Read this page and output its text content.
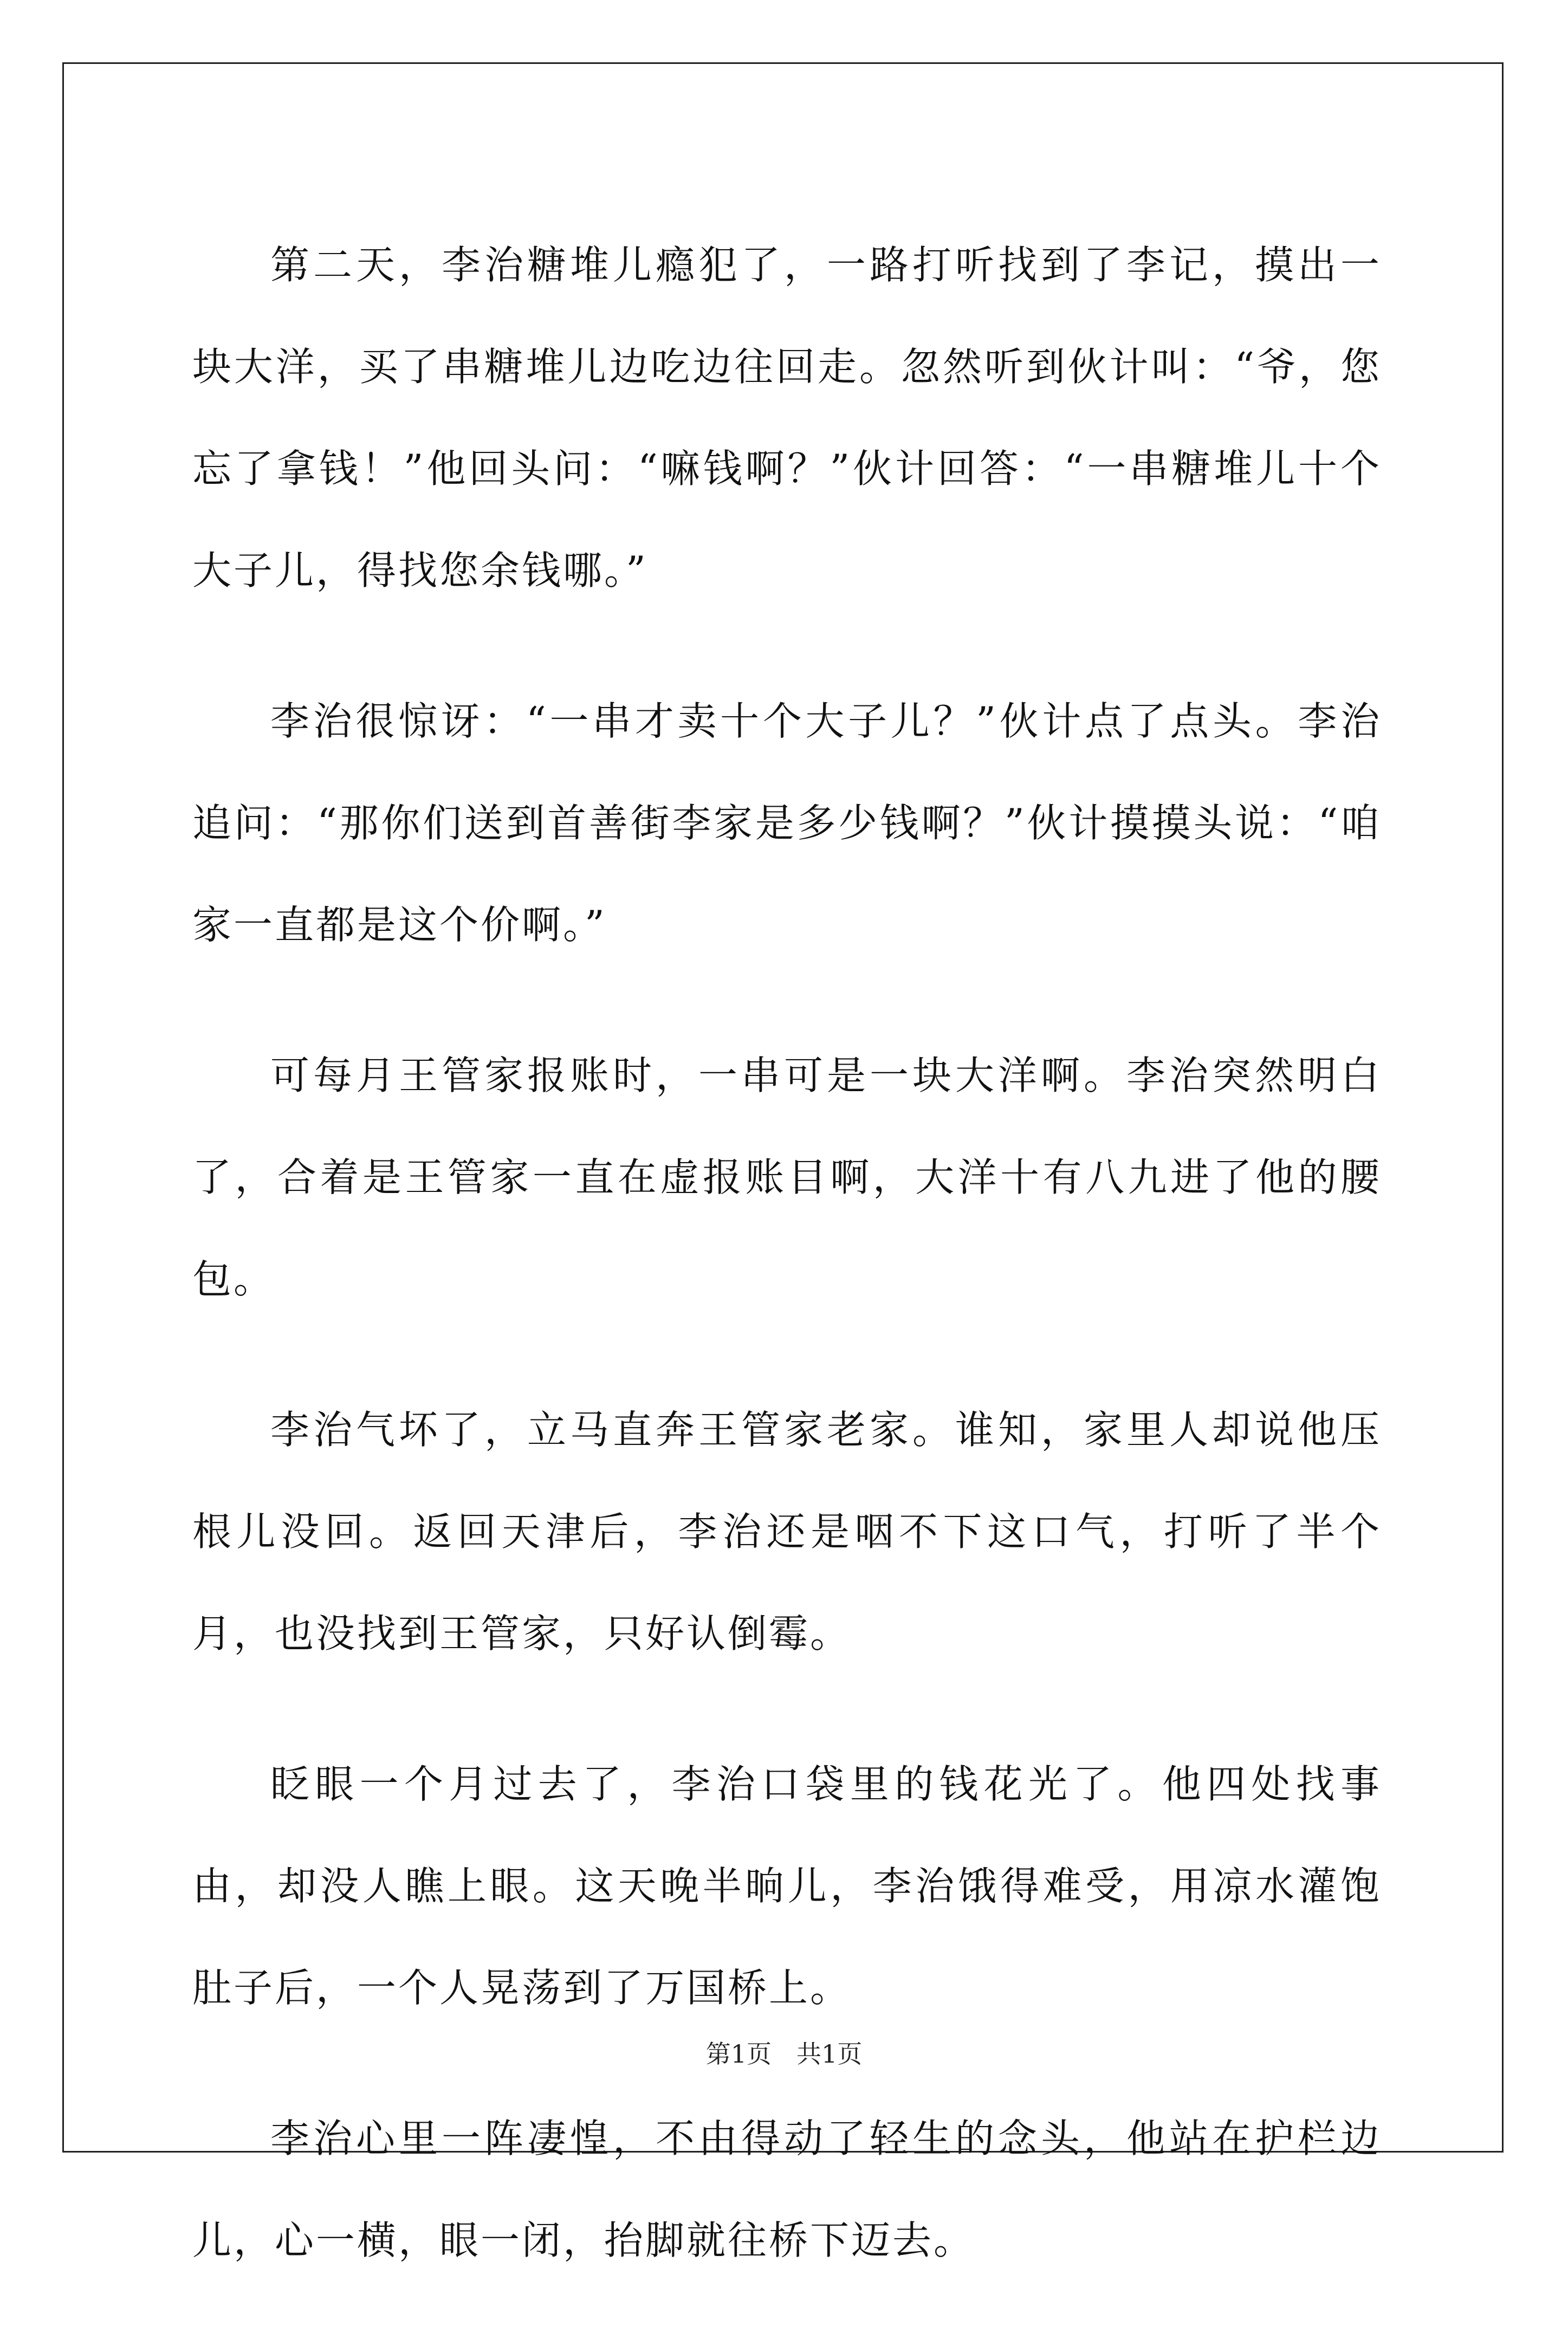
第二天，李治糖堆儿瘾犯了，一路打听找到了李记，摸出一块大洋，买了串糖堆儿边吃边往回走。忽然听到伙计叫：“爷，您忘了拿钱！”他回头问：“嘛钱啊？”伙计回答：“一串糖堆儿十个大子儿，得找您余钱哪。”

李治很惊讶：“一串才卖十个大子儿？”伙计点了点头。李治追问：“那你们送到首善街李家是多少钱啊？”伙计摸摸头说：“咱家一直都是这个价啊。”

可每月王管家报账时，一串可是一块大洋啊。李治突然明白了，合着是王管家一直在虚报账目啊，大洋十有八九进了他的腰包。

李治气坏了，立马直奔王管家老家。谁知，家里人却说他压根儿没回。返回天津后，李治还是咽不下这口气，打听了半个月，也没找到王管家，只好认倒霉。

眨眼一个月过去了，李治口袋里的钱花光了。他四处找事由，却没人瞧上眼。这天晚半晌儿，李治饿得难受，用凉水灌饱肚子后，一个人晃荡到了万国桥上。

李治心里一阵凄惶，不由得动了轻生的念头，他站在护栏边儿，心一横，眼一闭，抬脚就往桥下迈去。

第1页　共1页
